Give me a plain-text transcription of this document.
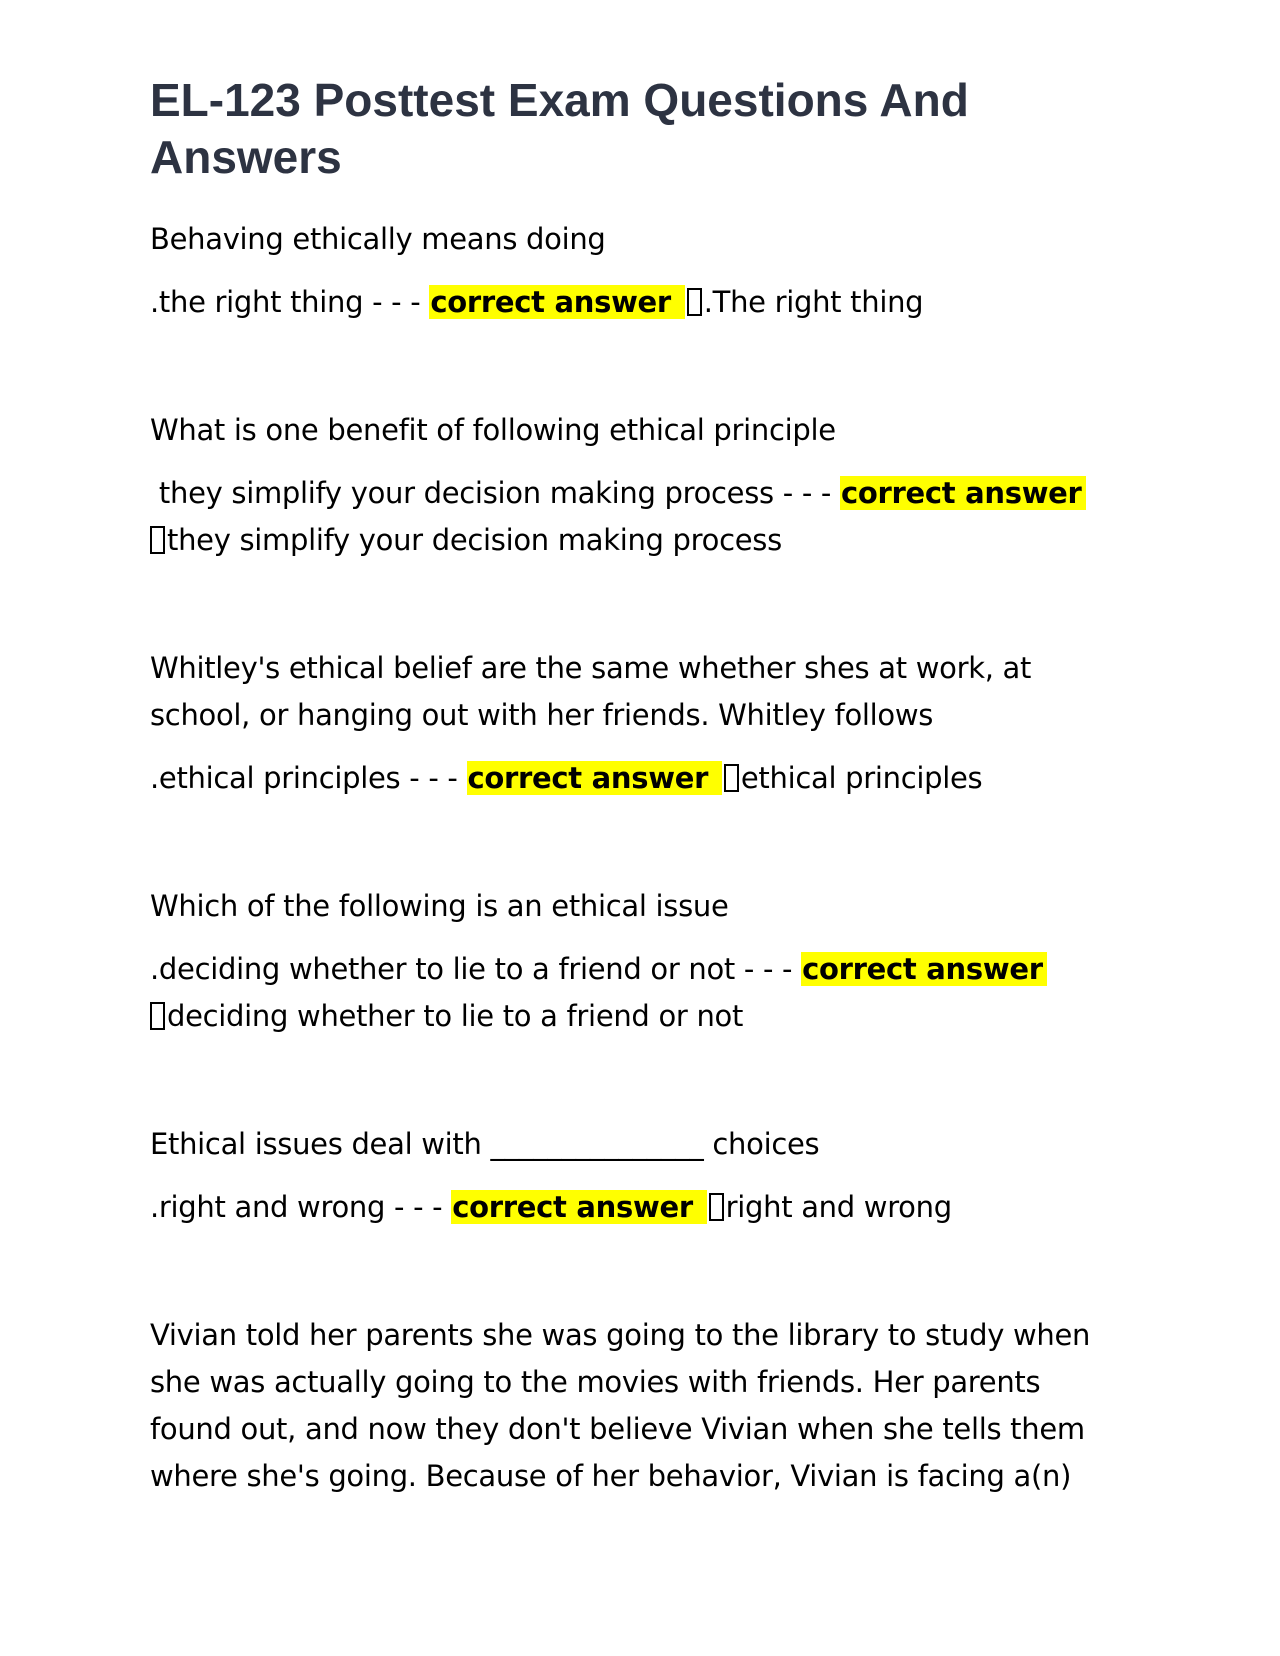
EL-123 Posttest Exam Questions And Answers

Behaving ethically means doing

.the right thing - - - correct answer .The right thing

What is one benefit of following ethical principle

they simplify your decision making process - - - correct answer
they simplify your decision making process

Whitley's ethical belief are the same whether shes at work, at school, or hanging out with her friends. Whitley follows

.ethical principles - - - correct answer ethical principles

Which of the following is an ethical issue

.deciding whether to lie to a friend or not - - - correct answer
deciding whether to lie to a friend or not

Ethical issues deal with _______________ choices

.right and wrong - - - correct answer right and wrong

Vivian told her parents she was going to the library to study when she was actually going to the movies with friends. Her parents found out, and now they don't believe Vivian when she tells them where she's going. Because of her behavior, Vivian is facing a(n)
